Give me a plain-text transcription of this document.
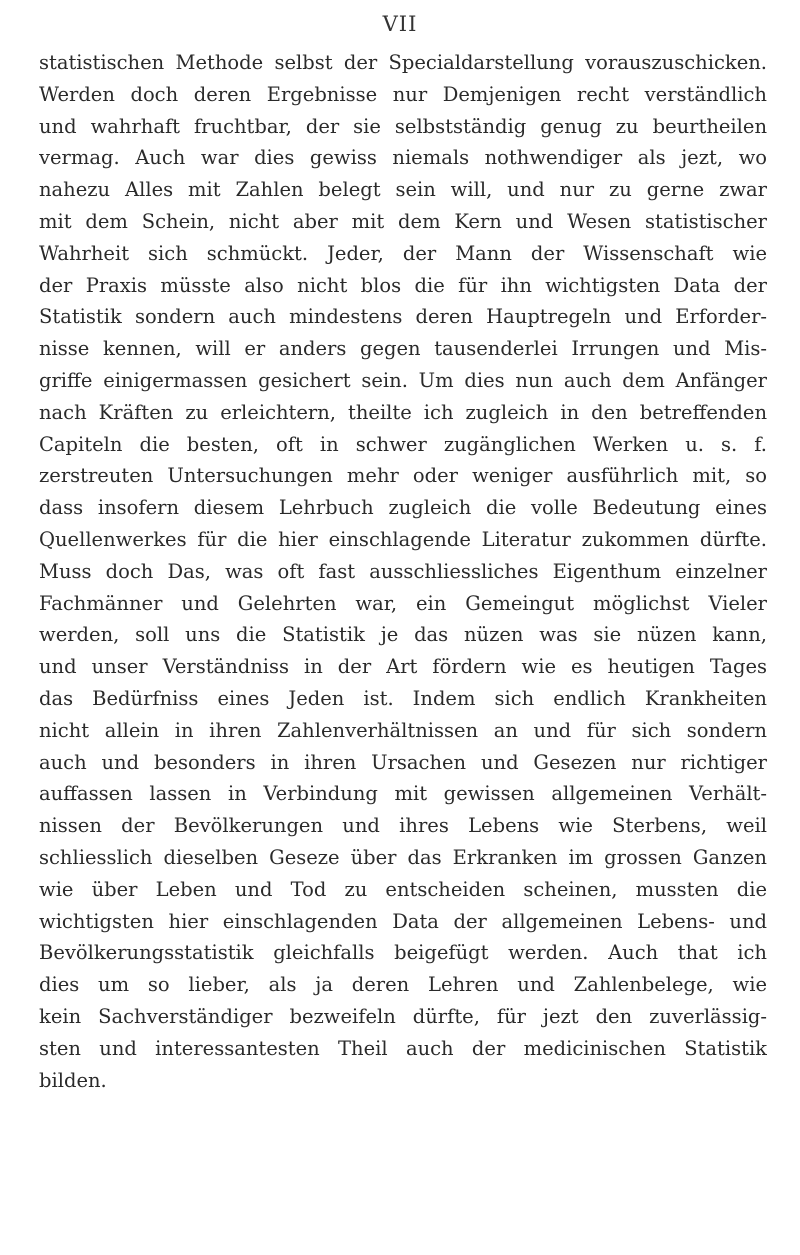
VII
statistischen Methode selbst der Specialdarstellung vorauszuschicken.
Werden doch deren Ergebnisse nur Demjenigen recht verständlich
und wahrhaft fruchtbar, der sie selbstständig genug zu beurtheilen
vermag. Auch war dies gewiss niemals nothwendiger als jezt, wo
nahezu Alles mit Zahlen belegt sein will, und nur zu gerne zwar
mit dem Schein, nicht aber mit dem Kern und Wesen statistischer
Wahrheit sich schmückt. Jeder, der Mann der Wissenschaft wie
der Praxis müsste also nicht blos die für ihn wichtigsten Data der
Statistik sondern auch mindestens deren Hauptregeln und Erforder-
nisse kennen, will er anders gegen tausenderlei Irrungen und Mis-
griffe einigermassen gesichert sein. Um dies nun auch dem Anfänger
nach Kräften zu erleichtern, theilte ich zugleich in den betreffenden
Capiteln die besten, oft in schwer zugänglichen Werken u. s. f.
zerstreuten Untersuchungen mehr oder weniger ausführlich mit, so
dass insofern diesem Lehrbuch zugleich die volle Bedeutung eines
Quellenwerkes für die hier einschlagende Literatur zukommen dürfte.
Muss doch Das, was oft fast ausschliessliches Eigenthum einzelner
Fachmänner und Gelehrten war, ein Gemeingut möglichst Vieler
werden, soll uns die Statistik je das nüzen was sie nüzen kann,
und unser Verständniss in der Art fördern wie es heutigen Tages
das Bedürfniss eines Jeden ist. Indem sich endlich Krankheiten
nicht allein in ihren Zahlenverhältnissen an und für sich sondern
auch und besonders in ihren Ursachen und Gesezen nur richtiger
auffassen lassen in Verbindung mit gewissen allgemeinen Verhält-
nissen der Bevölkerungen und ihres Lebens wie Sterbens, weil
schliesslich dieselben Geseze über das Erkranken im grossen Ganzen
wie über Leben und Tod zu entscheiden scheinen, mussten die
wichtigsten hier einschlagenden Data der allgemeinen Lebens- und
Bevölkerungsstatistik gleichfalls beigefügt werden. Auch that ich
dies um so lieber, als ja deren Lehren und Zahlenbelege, wie
kein Sachverständiger bezweifeln dürfte, für jezt den zuverlässig-
sten und interessantesten Theil auch der medicinischen Statistik
bilden.
